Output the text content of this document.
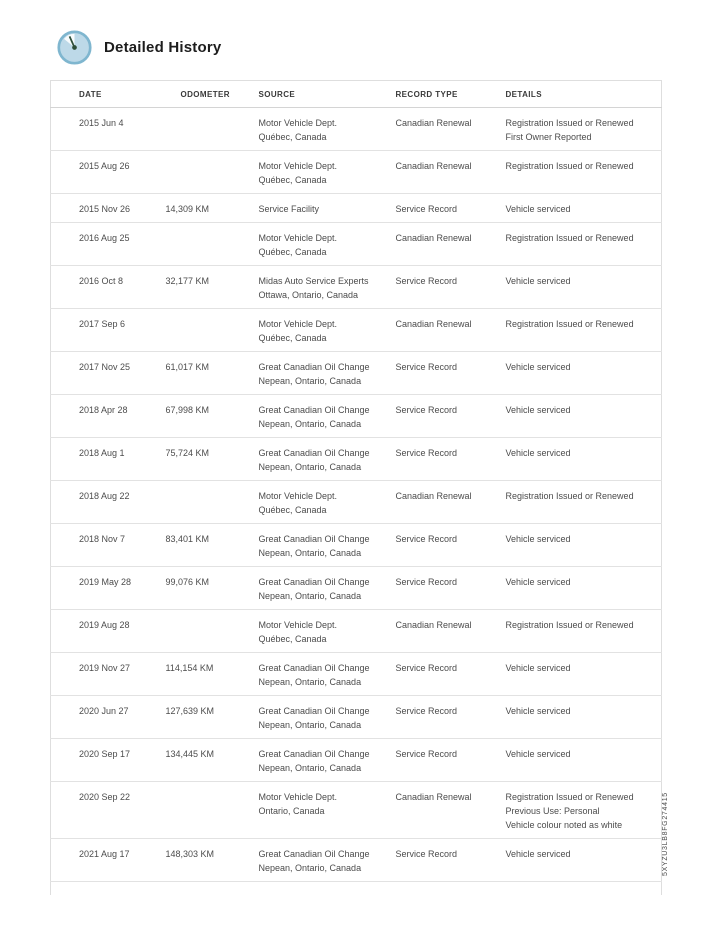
Detailed History
DATE	ODOMETER	SOURCE	RECORD TYPE	DETAILS

2015 Jun 4		Motor Vehicle Dept.
Québec, Canada	Canadian Renewal	Registration Issued or Renewed
First Owner Reported

2015 Aug 26		Motor Vehicle Dept.
Québec, Canada	Canadian Renewal	Registration Issued or Renewed

2015 Nov 26	14,309 KM	Service Facility	Service Record	Vehicle serviced

2016 Aug 25		Motor Vehicle Dept.
Québec, Canada	Canadian Renewal	Registration Issued or Renewed

2016 Oct 8	32,177 KM	Midas Auto Service Experts
Ottawa, Ontario, Canada	Service Record	Vehicle serviced

2017 Sep 6		Motor Vehicle Dept.
Québec, Canada	Canadian Renewal	Registration Issued or Renewed

2017 Nov 25	61,017 KM	Great Canadian Oil Change
Nepean, Ontario, Canada	Service Record	Vehicle serviced

2018 Apr 28	67,998 KM	Great Canadian Oil Change
Nepean, Ontario, Canada	Service Record	Vehicle serviced

2018 Aug 1	75,724 KM	Great Canadian Oil Change
Nepean, Ontario, Canada	Service Record	Vehicle serviced

2018 Aug 22		Motor Vehicle Dept.
Québec, Canada	Canadian Renewal	Registration Issued or Renewed

2018 Nov 7	83,401 KM	Great Canadian Oil Change
Nepean, Ontario, Canada	Service Record	Vehicle serviced

2019 May 28	99,076 KM	Great Canadian Oil Change
Nepean, Ontario, Canada	Service Record	Vehicle serviced

2019 Aug 28		Motor Vehicle Dept.
Québec, Canada	Canadian Renewal	Registration Issued or Renewed

2019 Nov 27	114,154 KM	Great Canadian Oil Change
Nepean, Ontario, Canada	Service Record	Vehicle serviced

2020 Jun 27	127,639 KM	Great Canadian Oil Change
Nepean, Ontario, Canada	Service Record	Vehicle serviced

2020 Sep 17	134,445 KM	Great Canadian Oil Change
Nepean, Ontario, Canada	Service Record	Vehicle serviced

2020 Sep 22		Motor Vehicle Dept.
Ontario, Canada	Canadian Renewal	Registration Issued or Renewed
Previous Use: Personal
Vehicle colour noted as white

2021 Aug 17	148,303 KM	Great Canadian Oil Change
Nepean, Ontario, Canada	Service Record	Vehicle serviced	5XYZU3LB8FG274415
